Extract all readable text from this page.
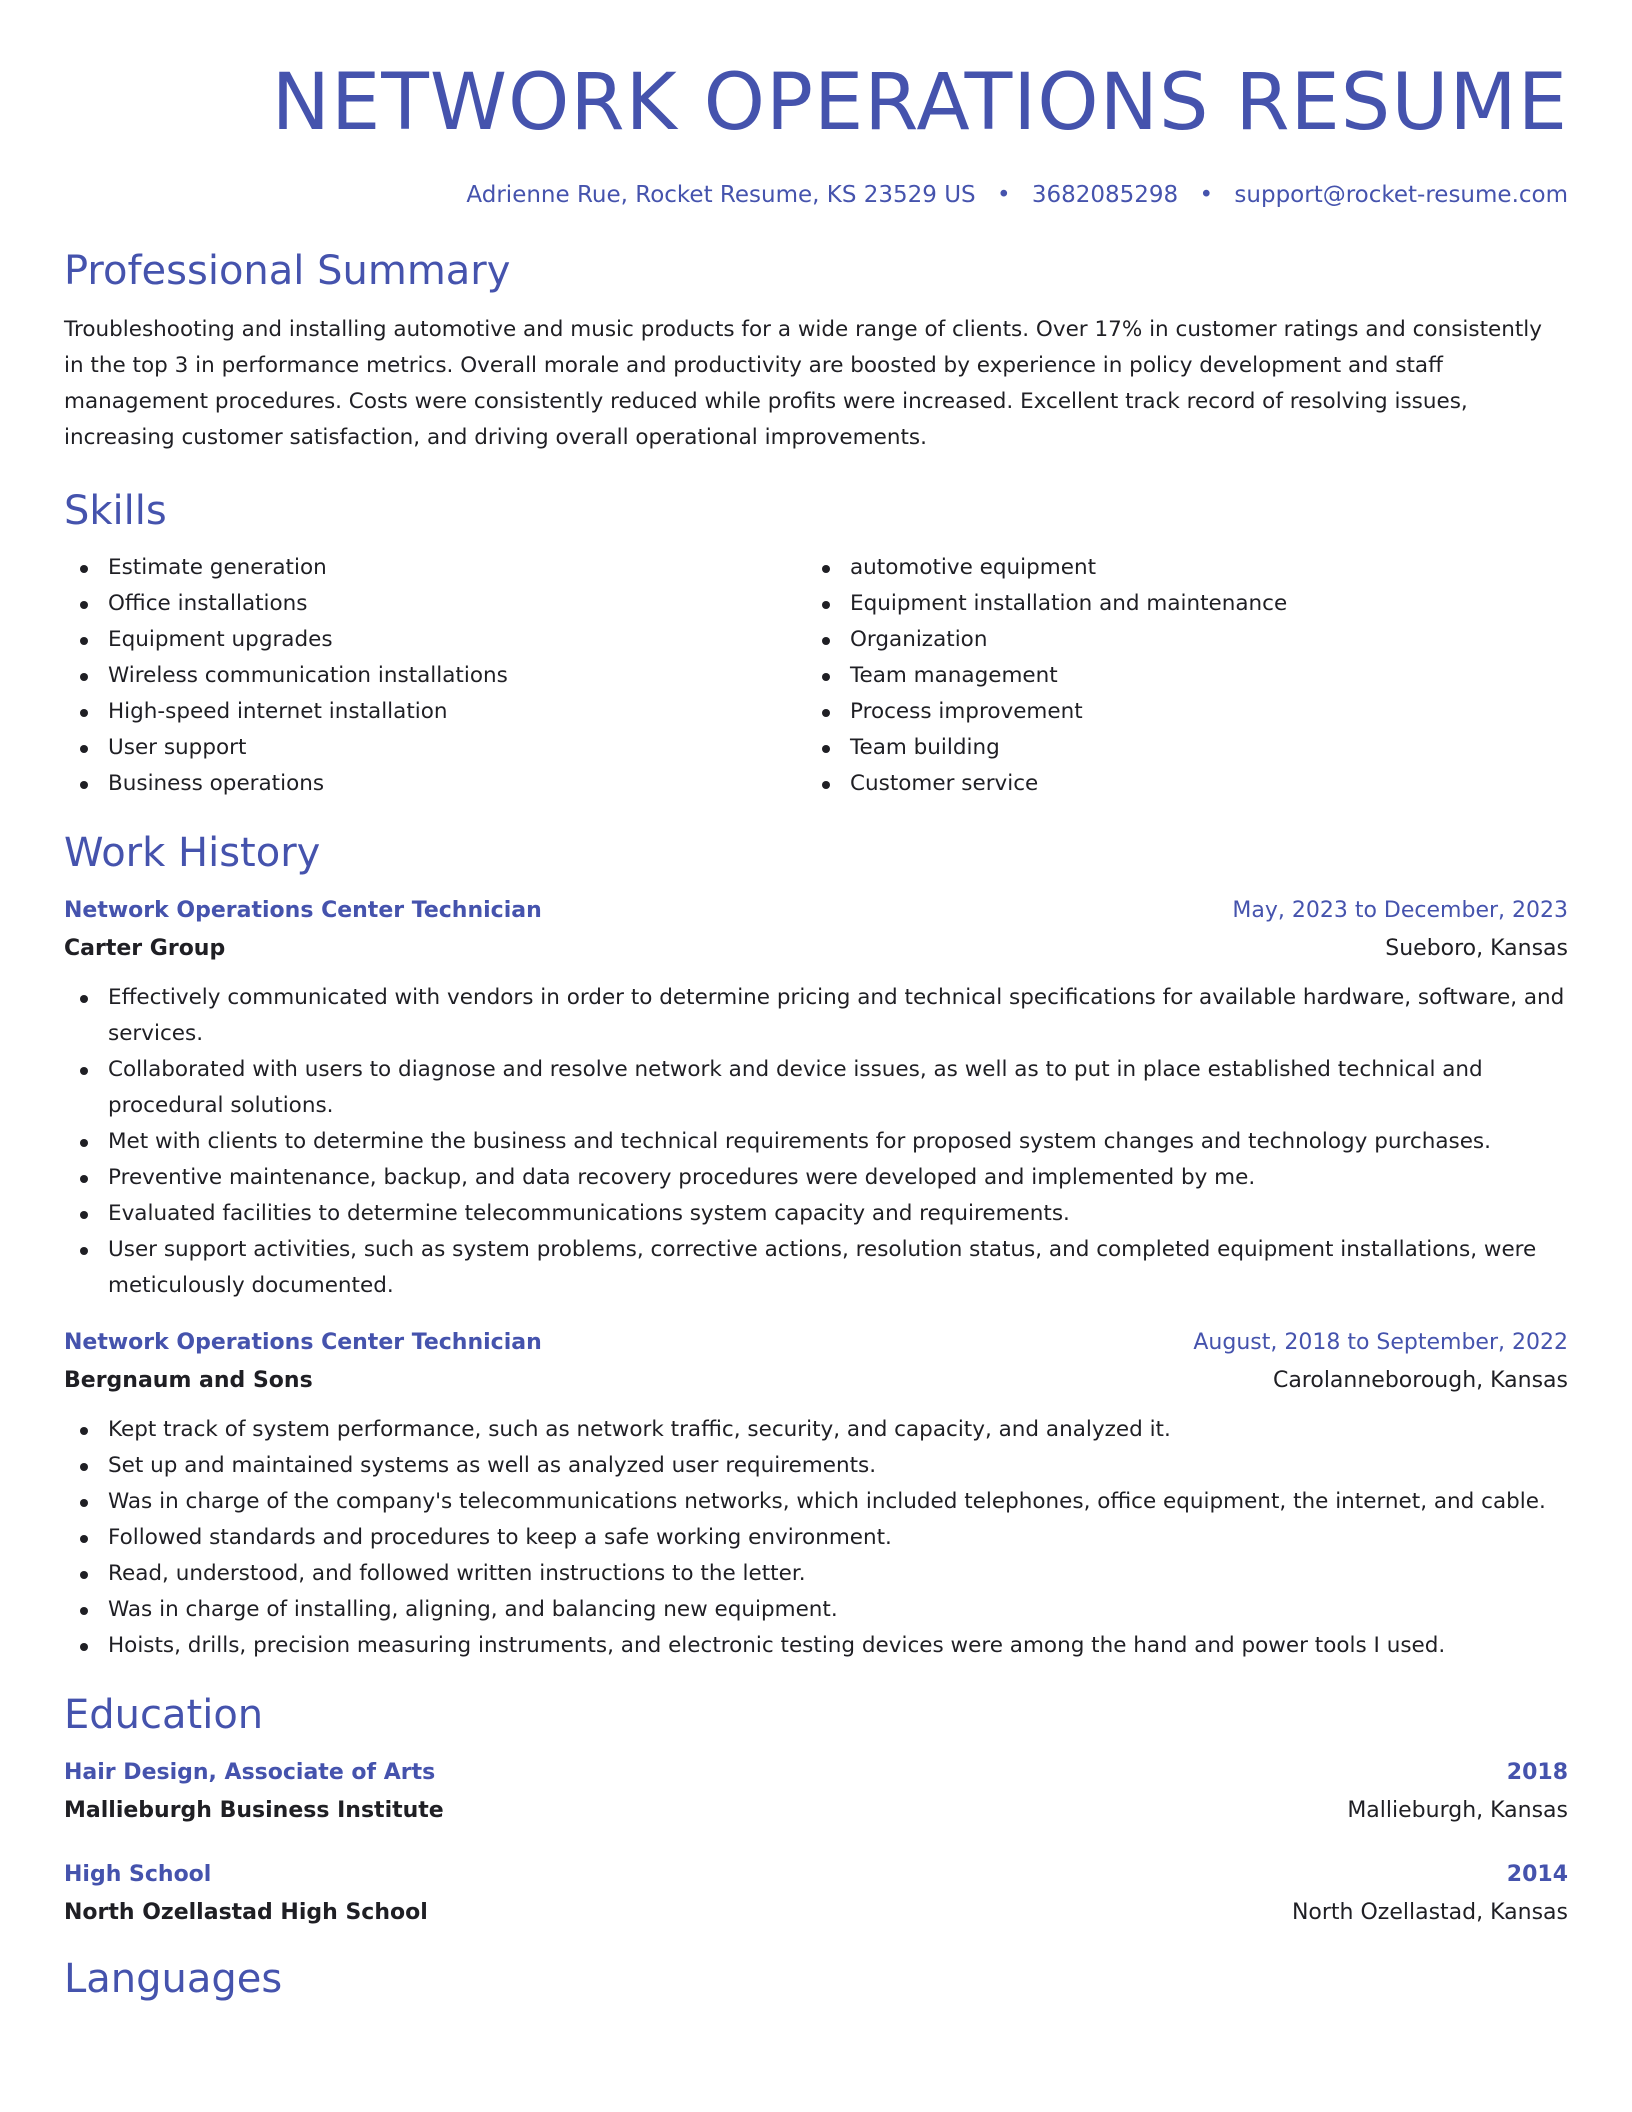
NETWORK OPERATIONS RESUME
Adrienne Rue, Rocket Resume, KS 23529 US • 3682085298 • support@rocket-resume.com
Professional Summary

Troubleshooting and installing automotive and music products for a wide range of clients. Over 17% in customer ratings and consistently in the top 3 in performance metrics. Overall morale and productivity are boosted by experience in policy development and staff management procedures. Costs were consistently reduced while profits were increased. Excellent track record of resolving issues, increasing customer satisfaction, and driving overall operational improvements.

Skills
Estimate generation
Office installations
Equipment upgrades
Wireless communication installations
High-speed internet installation
User support
Business operations
automotive equipment
Equipment installation and maintenance
Organization
Team management
Process improvement
Team building
Customer service
Work History
Network Operations Center Technician	May, 2023 to December, 2023
Carter Group	Sueboro, Kansas
Effectively communicated with vendors in order to determine pricing and technical specifications for available hardware, software, and services.
Collaborated with users to diagnose and resolve network and device issues, as well as to put in place established technical and procedural solutions.
Met with clients to determine the business and technical requirements for proposed system changes and technology purchases.
Preventive maintenance, backup, and data recovery procedures were developed and implemented by me.
Evaluated facilities to determine telecommunications system capacity and requirements.
User support activities, such as system problems, corrective actions, resolution status, and completed equipment installations, were meticulously documented.
Network Operations Center Technician	August, 2018 to September, 2022
Bergnaum and Sons	Carolanneborough, Kansas
Kept track of system performance, such as network traffic, security, and capacity, and analyzed it.
Set up and maintained systems as well as analyzed user requirements.
Was in charge of the company's telecommunications networks, which included telephones, office equipment, the internet, and cable.
Followed standards and procedures to keep a safe working environment.
Read, understood, and followed written instructions to the letter.
Was in charge of installing, aligning, and balancing new equipment.
Hoists, drills, precision measuring instruments, and electronic testing devices were among the hand and power tools I used.
Education
Hair Design, Associate of Arts	2018
Mallieburgh Business Institute	Mallieburgh, Kansas
High School	2014
North Ozellastad High School	North Ozellastad, Kansas
Languages
